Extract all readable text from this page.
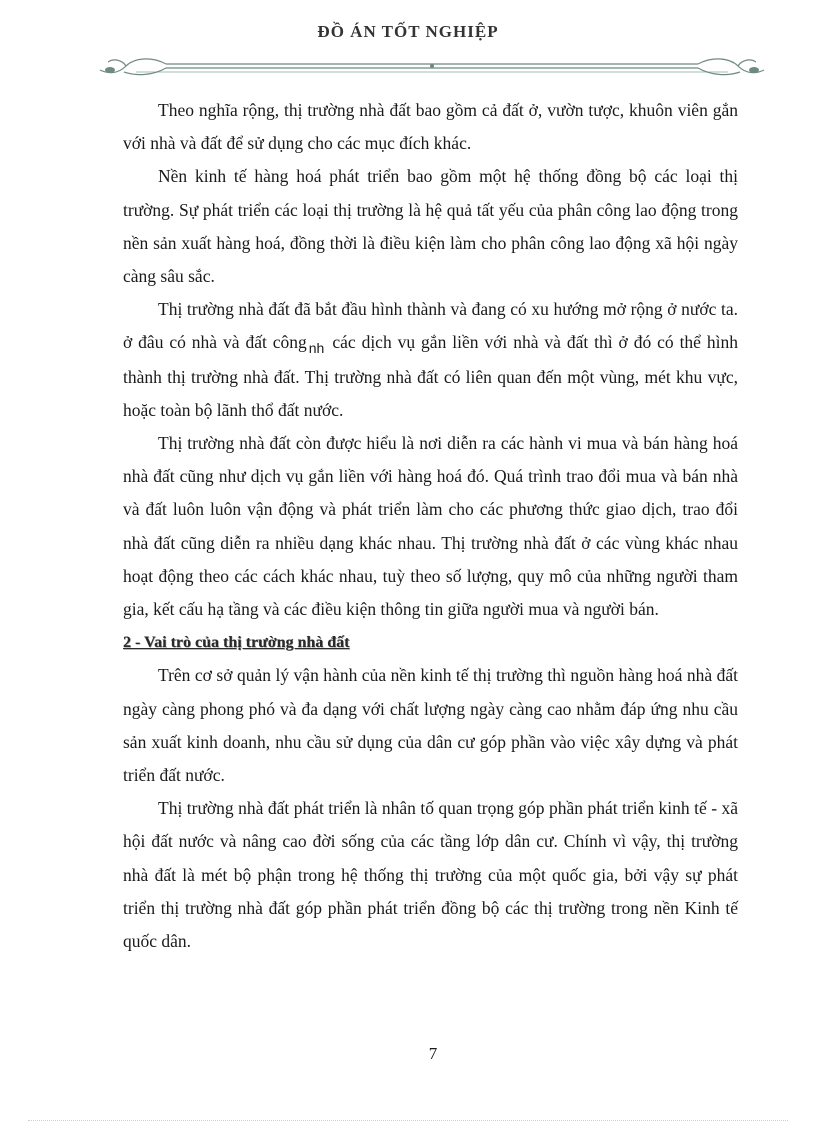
ĐỒ ÁN TỐT NGHIỆP

Theo nghĩa rộng, thị trường nhà đất bao gồm cả đất ở, vườn tược, khuôn viên gắn với nhà và đất để sử dụng cho các mục đích khác.

Nền kinh tế hàng hoá phát triển bao gồm một hệ thống đồng bộ các loại thị trường. Sự phát triển các loại thị trường là hệ quả tất yếu của phân công lao động trong nền sản xuất hàng hoá, đồng thời là điều kiện làm cho phân công lao động xã hội ngày càng sâu sắc.

Thị trường nhà đất đã bắt đầu hình thành và đang có xu hướng mở rộng ở nước ta. ở đâu có nhà và đất công $_{nh}$ các dịch vụ gắn liền với nhà và đất thì ở đó có thể hình thành thị trường nhà đất. Thị trường nhà đất có liên quan đến một vùng, mét khu vực, hoặc toàn bộ lãnh thổ đất nước.

Thị trường nhà đất còn được hiểu là nơi diễn ra các hành vi mua và bán hàng hoá nhà đất cũng như dịch vụ gắn liền với hàng hoá đó. Quá trình trao đổi mua và bán nhà và đất luôn luôn vận động và phát triển làm cho các phương thức giao dịch, trao đổi nhà đất cũng diễn ra nhiều dạng khác nhau. Thị trường nhà đất ở các vùng khác nhau hoạt động theo các cách khác nhau, tuỳ theo số lượng, quy mô của những người tham gia, kết cấu hạ tầng và các điều kiện thông tin giữa người mua và người bán.

2 - Vai trò của thị trường nhà đất

Trên cơ sở quản lý vận hành của nền kinh tế thị trường thì nguồn hàng hoá nhà đất ngày càng phong phó và đa dạng với chất lượng ngày càng cao nhằm đáp ứng nhu cầu sản xuất kinh doanh, nhu cầu sử dụng của dân cư góp phần vào việc xây dựng và phát triển đất nước.

Thị trường nhà đất phát triển là nhân tố quan trọng góp phần phát triển kinh tế - xã hội đất nước và nâng cao đời sống của các tầng lớp dân cư. Chính vì vậy, thị trường nhà đất là mét bộ phận trong hệ thống thị trường của một quốc gia, bởi vậy sự phát triển thị trường nhà đất góp phần phát triển đồng bộ các thị trường trong nền Kinh tế quốc dân.

7
